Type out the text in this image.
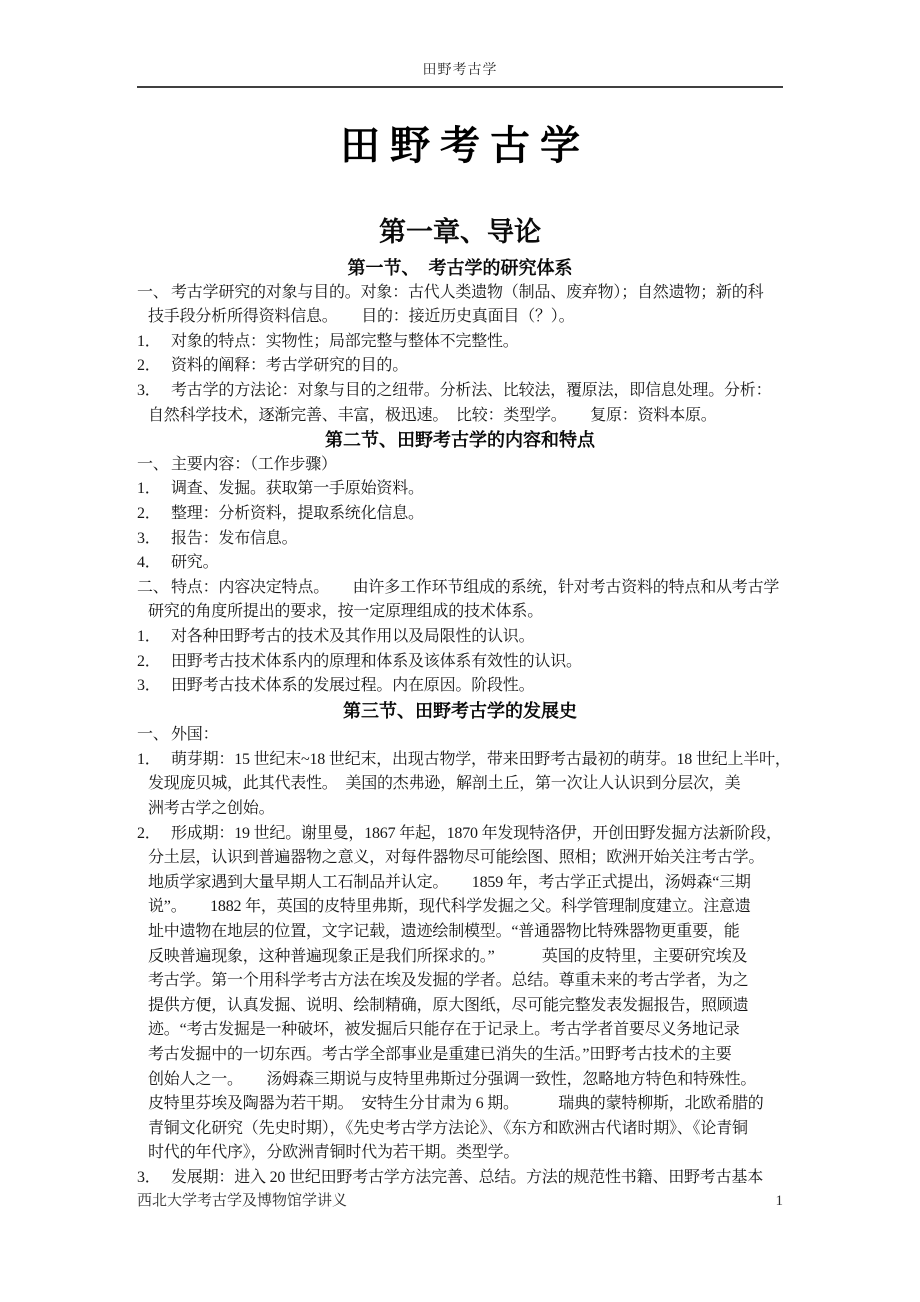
田野考古学
田野考古学
第一章、导论
第一节、　考古学的研究体系
一、 考古学研究的对象与目的。对象：古代人类遗物（制品、废弃物）；自然遗物；新的科
技手段分析所得资料信息。　　目的：接近历史真面目（？）。
1． 对象的特点：实物性；局部完整与整体不完整性。
2． 资料的阐释：考古学研究的目的。
3． 考古学的方法论：对象与目的之纽带。分析法、比较法，覆原法，即信息处理。分析：
自然科学技术，逐渐完善、丰富，极迅速。　比较：类型学。　　复原：资料本原。
第二节、田野考古学的内容和特点
一、 主要内容：（工作步骤）
1． 调查、发掘。获取第一手原始资料。
2． 整理：分析资料，提取系统化信息。
3． 报告：发布信息。
4． 研究。
二、 特点：内容决定特点。　　由许多工作环节组成的系统，针对考古资料的特点和从考古学
研究的角度所提出的要求，按一定原理组成的技术体系。
1． 对各种田野考古的技术及其作用以及局限性的认识。
2． 田野考古技术体系内的原理和体系及该体系有效性的认识。
3． 田野考古技术体系的发展过程。内在原因。阶段性。
第三节、田野考古学的发展史
一、 外国：
1． 萌芽期：15 世纪末~18 世纪末，出现古物学，带来田野考古最初的萌芽。18 世纪上半叶，
发现庞贝城，此其代表性。　美国的杰弗逊，解剖土丘，第一次让人认识到分层次，美
洲考古学之创始。
2． 形成期：19 世纪。谢里曼，1867 年起，1870 年发现特洛伊，开创田野发掘方法新阶段，
分土层，认识到普遍器物之意义，对每件器物尽可能绘图、照相；欧洲开始关注考古学。
地质学家遇到大量早期人工石制品并认定。　　1859 年，考古学正式提出，汤姆森“三期
说”。　　1882 年，英国的皮特里弗斯，现代科学发掘之父。科学管理制度建立。注意遗
址中遗物在地层的位置，文字记载，遗迹绘制模型。“普通器物比特殊器物更重要，能
反映普遍现象，这种普遍现象正是我们所探求的。”　　　英国的皮特里，主要研究埃及
考古学。第一个用科学考古方法在埃及发掘的学者。总结。尊重未来的考古学者，为之
提供方便，认真发掘、说明、绘制精确，原大图纸，尽可能完整发表发掘报告，照顾遗
迹。“考古发掘是一种破坏，被发掘后只能存在于记录上。考古学者首要尽义务地记录
考古发掘中的一切东西。考古学全部事业是重建已消失的生活。”田野考古技术的主要
创始人之一。　　汤姆森三期说与皮特里弗斯过分强调一致性，忽略地方特色和特殊性。
皮特里芬埃及陶器为若干期。　安特生分甘肃为 6 期。　　　瑞典的蒙特柳斯，北欧希腊的
青铜文化研究（先史时期），《先史考古学方法论》、《东方和欧洲古代诸时期》、《论青铜
时代的年代序》，分欧洲青铜时代为若干期。类型学。
3． 发展期：进入 20 世纪田野考古学方法完善、总结。方法的规范性书籍、田野考古基本
西北大学考古学及博物馆学讲义	1
